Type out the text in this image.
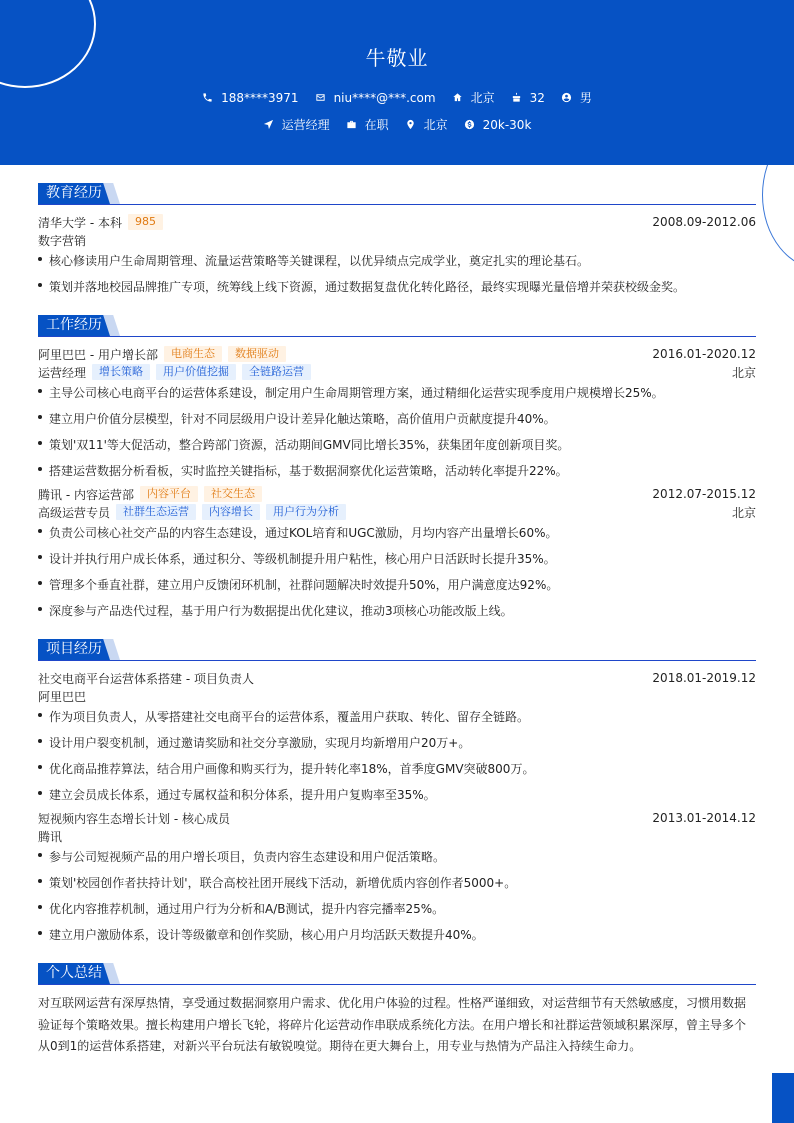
牛敬业
188****3971	niu****@***.com	北京	32	男
运营经理	在职	北京	20k-30k
教育经历
清华大学 - 本科	985	2008.09-2012.06
数字营销
核心修读用户生命周期管理、流量运营策略等关键课程，以优异绩点完成学业，奠定扎实的理论基石。
策划并落地校园品牌推广专项，统筹线上线下资源，通过数据复盘优化转化路径，最终实现曝光量倍增并荣获校级金奖。
工作经历
阿里巴巴 - 用户增长部	电商生态	数据驱动	2016.01-2020.12
运营经理	增长策略	用户价值挖掘	全链路运营	北京
主导公司核心电商平台的运营体系建设，制定用户生命周期管理方案，通过精细化运营实现季度用户规模增长25%。
建立用户价值分层模型，针对不同层级用户设计差异化触达策略，高价值用户贡献度提升40%。
策划'双11'等大促活动，整合跨部门资源，活动期间GMV同比增长35%，获集团年度创新项目奖。
搭建运营数据分析看板，实时监控关键指标，基于数据洞察优化运营策略，活动转化率提升22%。
腾讯 - 内容运营部	内容平台	社交生态	2012.07-2015.12
高级运营专员	社群生态运营	内容增长	用户行为分析	北京
负责公司核心社交产品的内容生态建设，通过KOL培育和UGC激励，月均内容产出量增长60%。
设计并执行用户成长体系，通过积分、等级机制提升用户粘性，核心用户日活跃时长提升35%。
管理多个垂直社群，建立用户反馈闭环机制，社群问题解决时效提升50%，用户满意度达92%。
深度参与产品迭代过程，基于用户行为数据提出优化建议，推动3项核心功能改版上线。
项目经历
社交电商平台运营体系搭建 - 项目负责人	2018.01-2019.12
阿里巴巴
作为项目负责人，从零搭建社交电商平台的运营体系，覆盖用户获取、转化、留存全链路。
设计用户裂变机制，通过邀请奖励和社交分享激励，实现月均新增用户20万+。
优化商品推荐算法，结合用户画像和购买行为，提升转化率18%，首季度GMV突破800万。
建立会员成长体系，通过专属权益和积分体系，提升用户复购率至35%。
短视频内容生态增长计划 - 核心成员	2013.01-2014.12
腾讯
参与公司短视频产品的用户增长项目，负责内容生态建设和用户促活策略。
策划'校园创作者扶持计划'，联合高校社团开展线下活动，新增优质内容创作者5000+。
优化内容推荐机制，通过用户行为分析和A/B测试，提升内容完播率25%。
建立用户激励体系，设计等级徽章和创作奖励，核心用户月均活跃天数提升40%。
个人总结
对互联网运营有深厚热情，享受通过数据洞察用户需求、优化用户体验的过程。性格严谨细致，对运营细节有天然敏感度，习惯用数据验证每个策略效果。擅长构建用户增长飞轮，将碎片化运营动作串联成系统化方法。在用户增长和社群运营领域积累深厚，曾主导多个从0到1的运营体系搭建，对新兴平台玩法有敏锐嗅觉。期待在更大舞台上，用专业与热情为产品注入持续生命力。
